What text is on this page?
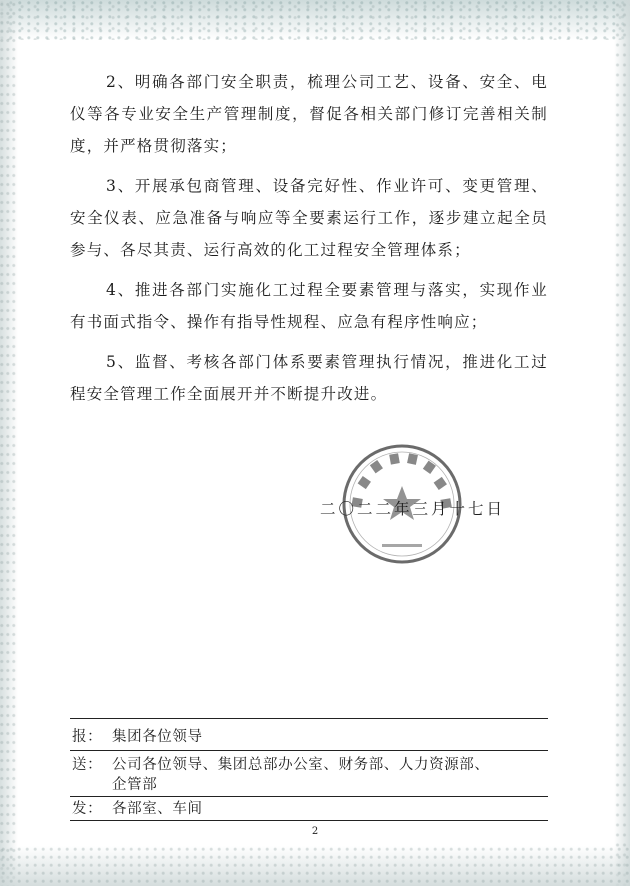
2、明确各部门安全职责，梳理公司工艺、设备、安全、电仪等各专业安全生产管理制度，督促各相关部门修订完善相关制度，并严格贯彻落实；

3、开展承包商管理、设备完好性、作业许可、变更管理、安全仪表、应急准备与响应等全要素运行工作，逐步建立起全员参与、各尽其责、运行高效的化工过程安全管理体系；

4、推进各部门实施化工过程全要素管理与落实，实现作业有书面式指令、操作有指导性规程、应急有程序性响应；

5、监督、考核各部门体系要素管理执行情况，推进化工过程安全管理工作全面展开并不断提升改进。

二〇二二年三月十七日
报： 集团各位领导
送： 公司各位领导、集团总部办公室、财务部、人力资源部、
企管部
发： 各部室、车间
2
